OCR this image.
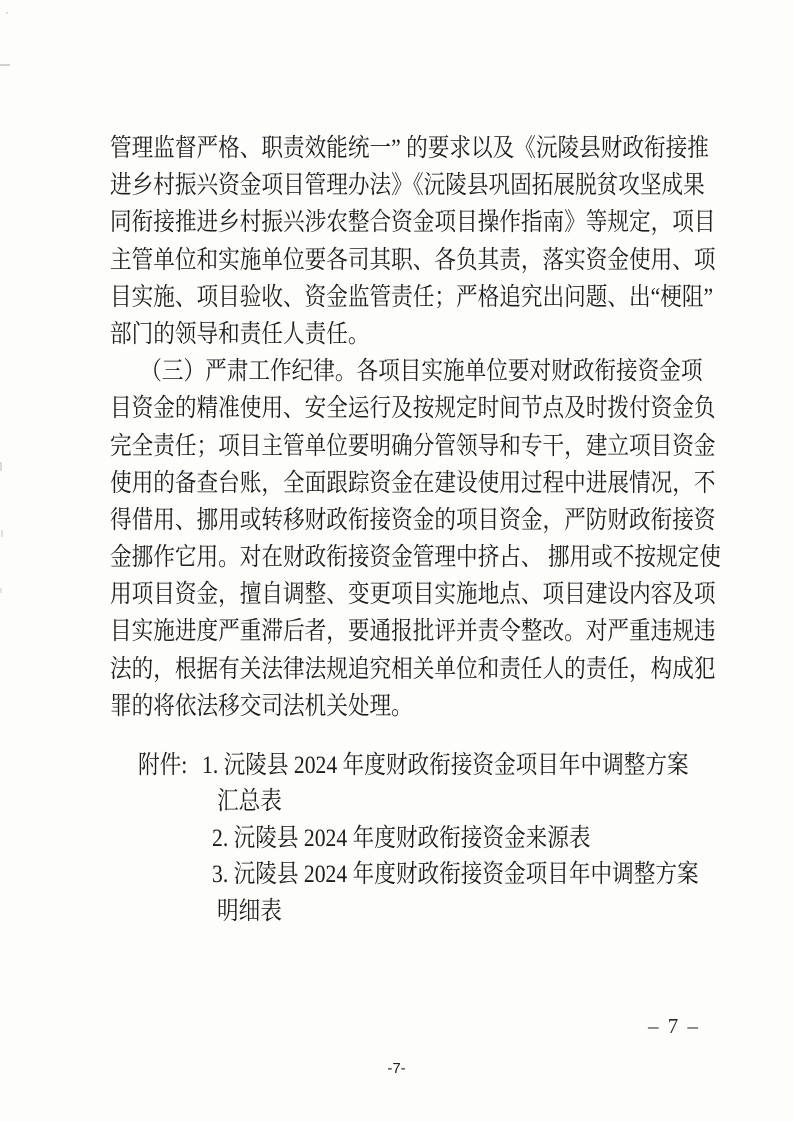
管理监督严格、职责效能统一” 的要求以及《沅陵县财政衔接推
进乡村振兴资金项目管理办法》《沅陵县巩固拓展脱贫攻坚成果
同衔接推进乡村振兴涉农整合资金项目操作指南》等规定，项目
主管单位和实施单位要各司其职、各负其责，落实资金使用、项
目实施、项目验收、资金监管责任；严格追究出问题、出“梗阻”
部门的领导和责任人责任。
（三）严肃工作纪律。各项目实施单位要对财政衔接资金项
目资金的精准使用、安全运行及按规定时间节点及时拨付资金负
完全责任；项目主管单位要明确分管领导和专干，建立项目资金
使用的备查台账，全面跟踪资金在建设使用过程中进展情况，不
得借用、挪用或转移财政衔接资金的项目资金，严防财政衔接资
金挪作它用。对在财政衔接资金管理中挤占、 挪用或不按规定使
用项目资金，擅自调整、变更项目实施地点、项目建设内容及项
目实施进度严重滞后者，要通报批评并责令整改。对严重违规违
法的，根据有关法律法规追究相关单位和责任人的责任，构成犯
罪的将依法移交司法机关处理。
附件: 1. 沅陵县 2024 年度财政衔接资金项目年中调整方案
汇总表
2. 沅陵县 2024 年度财政衔接资金来源表
3. 沅陵县 2024 年度财政衔接资金项目年中调整方案
明细表
– 7 –
-7-
